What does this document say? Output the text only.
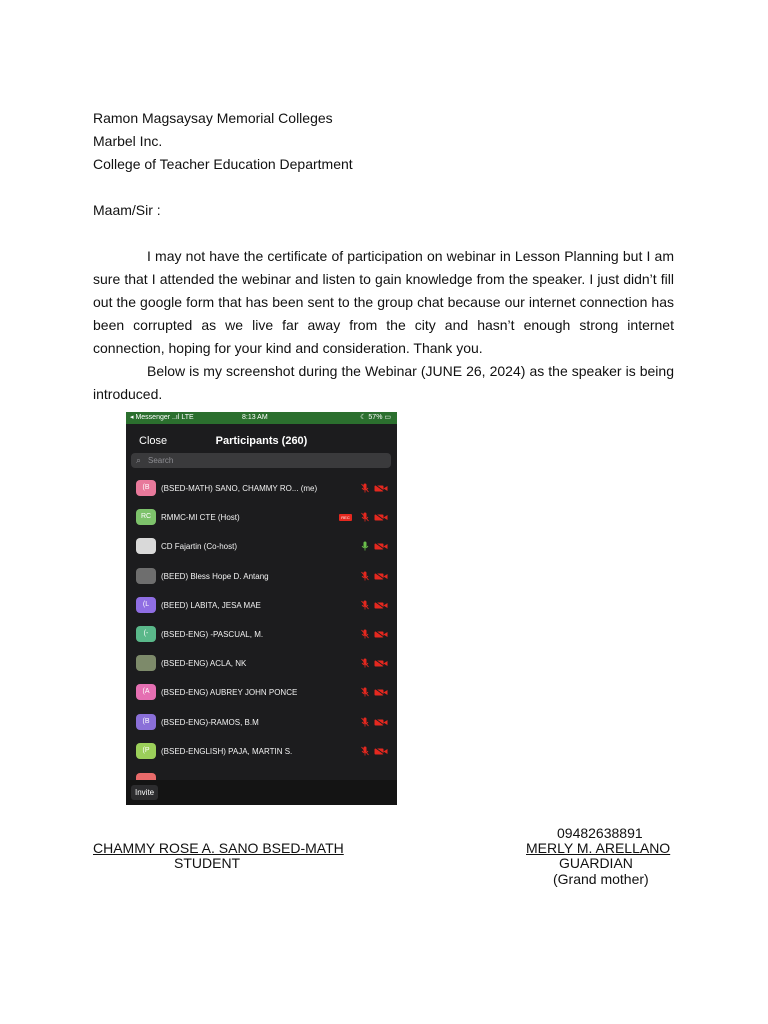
Ramon Magsaysay Memorial Colleges
Marbel Inc.
College of Teacher Education Department
Maam/Sir :

I may not have the certificate of participation on webinar in Lesson Planning but I am sure that I attended the webinar and listen to gain knowledge from the speaker. I just didn’t fill out the google form that has been sent to the group chat because our internet connection has been corrupted as we live far away from the city and hasn’t enough strong internet connection, hoping for your kind and consideration. Thank you.

Below is my screenshot during the Webinar (JUNE 26, 2024) as the speaker is being introduced.

◂ Messenger ..ıl LTE	8:13 AM	☾ 57% ▭
Close	Participants (260)
⌕ Search
(B	(BSED-MATH) SANO, CHAMMY RO... (me)
RC	RMMC-MI CTE (Host)	REC
CD Fajartin (Co-host)
(BEED) Bless Hope D. Antang
(L	(BEED) LABITA, JESA MAE
(-	(BSED-ENG) -PASCUAL, M.
(BSED-ENG) ACLA, NK
(A	(BSED-ENG) AUBREY JOHN PONCE
(B	(BSED-ENG)-RAMOS, B.M
(P	(BSED-ENGLISH) PAJA, MARTIN S.
Invite
CHAMMY ROSE A. SANO BSED-MATH
STUDENT
09482638891
MERLY M. ARELLANO
GUARDIAN
(Grand mother)
